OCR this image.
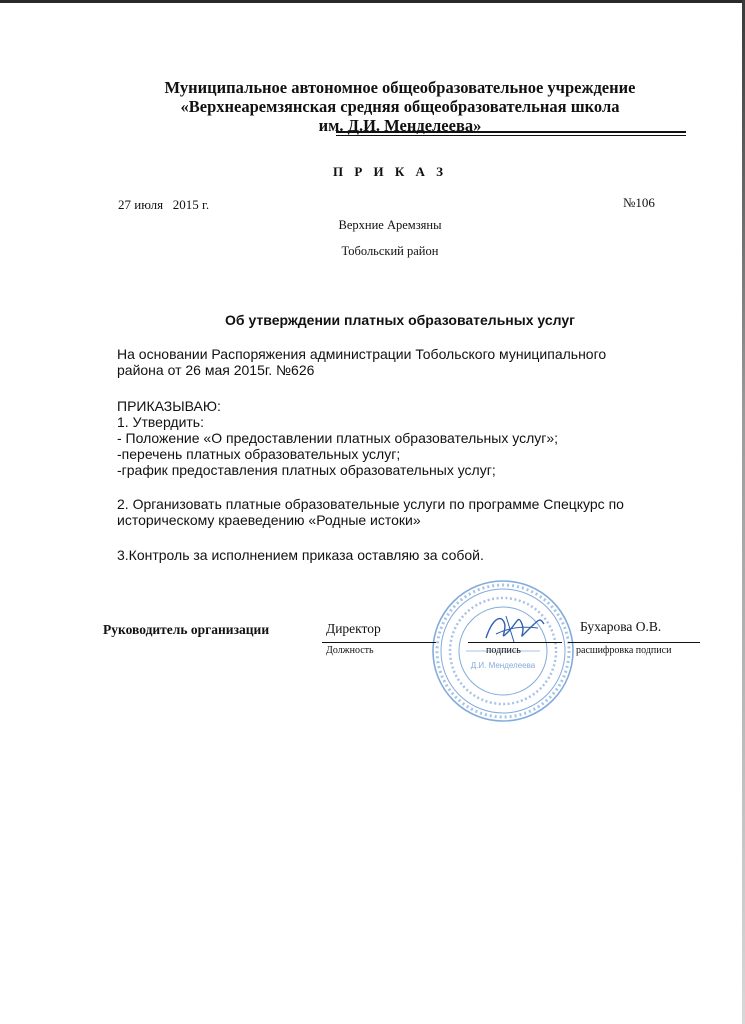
Муниципальное автономное общеобразовательное учреждение
«Верхнеаремзянская средняя общеобразовательная школа
им. Д.И. Менделеева»
П Р И К А З
27 июля   2015 г.	№106
Верхние Аремзяны
Тобольский район
Об утверждении платных образовательных услуг
На основании Распоряжения администрации Тобольского муниципального
района от 26 мая 2015г. №626
ПРИКАЗЫВАЮ:
1. Утвердить:
- Положение «О предоставлении платных образовательных услуг»;
-перечень платных образовательных услуг;
-график предоставления платных образовательных услуг;
2. Организовать платные образовательные услуги по программе Спецкурс по
историческому краеведению «Родные истоки»
3.Контроль за исполнением приказа оставляю за собой.
Д.И. Менделеева
Руководитель организации	Директор	Бухарова О.В.
Должность	подпись	расшифровка подписи
